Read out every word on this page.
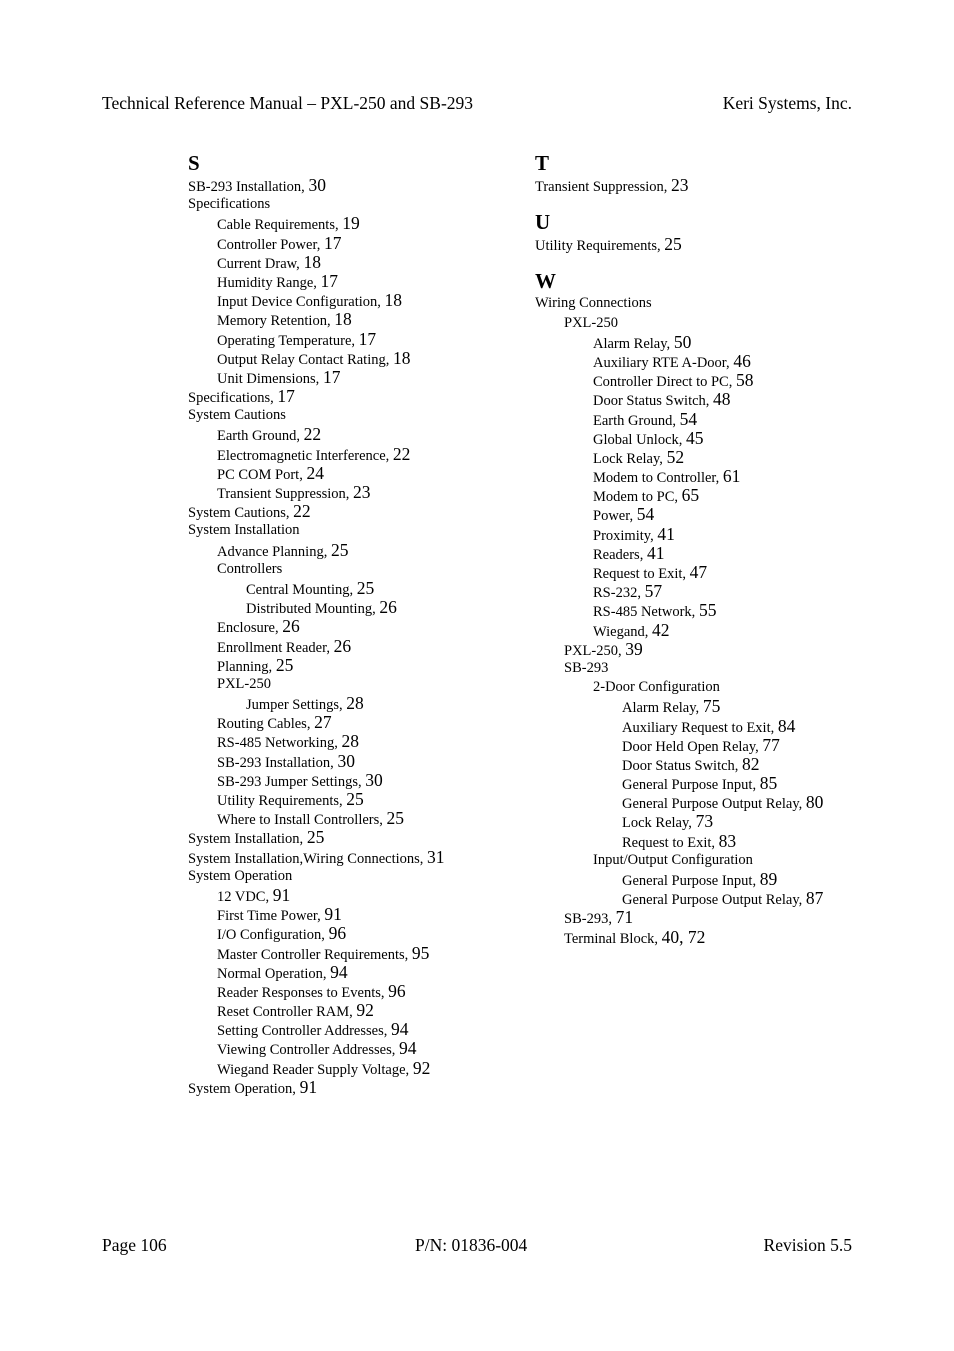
Technical Reference Manual – PXL-250 and SB-293	Keri Systems, Inc.
S
SB-293 Installation, 30
Specifications
Cable Requirements, 19
Controller Power, 17
Current Draw, 18
Humidity Range, 17
Input Device Configuration, 18
Memory Retention, 18
Operating Temperature, 17
Output Relay Contact Rating, 18
Unit Dimensions, 17
Specifications, 17
System Cautions
Earth Ground, 22
Electromagnetic Interference, 22
PC COM Port, 24
Transient Suppression, 23
System Cautions, 22
System Installation
Advance Planning, 25
Controllers
Central Mounting, 25
Distributed Mounting, 26
Enclosure, 26
Enrollment Reader, 26
Planning, 25
PXL-250
Jumper Settings, 28
Routing Cables, 27
RS-485 Networking, 28
SB-293 Installation, 30
SB-293 Jumper Settings, 30
Utility Requirements, 25
Where to Install Controllers, 25
System Installation, 25
System Installation,Wiring Connections, 31
System Operation
12 VDC, 91
First Time Power, 91
I/O Configuration, 96
Master Controller Requirements, 95
Normal Operation, 94
Reader Responses to Events, 96
Reset Controller RAM, 92
Setting Controller Addresses, 94
Viewing Controller Addresses, 94
Wiegand Reader Supply Voltage, 92
System Operation, 91
T
Transient Suppression, 23
U
Utility Requirements, 25
W
Wiring Connections
PXL-250
Alarm Relay, 50
Auxiliary RTE A-Door, 46
Controller Direct to PC, 58
Door Status Switch, 48
Earth Ground, 54
Global Unlock, 45
Lock Relay, 52
Modem to Controller, 61
Modem to PC, 65
Power, 54
Proximity, 41
Readers, 41
Request to Exit, 47
RS-232, 57
RS-485 Network, 55
Wiegand, 42
PXL-250, 39
SB-293
2-Door Configuration
Alarm Relay, 75
Auxiliary Request to Exit, 84
Door Held Open Relay, 77
Door Status Switch, 82
General Purpose Input, 85
General Purpose Output Relay, 80
Lock Relay, 73
Request to Exit, 83
Input/Output Configuration
General Purpose Input, 89
General Purpose Output Relay, 87
SB-293, 71
Terminal Block, 40, 72
Page 106	P/N: 01836-004	Revision 5.5
